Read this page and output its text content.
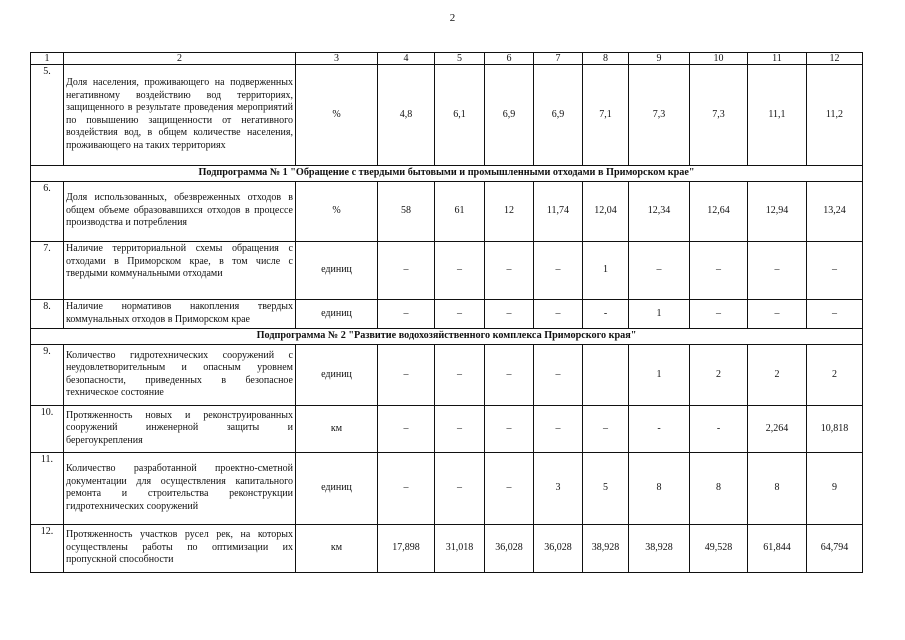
2
1	2	3	4	5	6	7	8	9	10	11	12
5.	Доля населения, проживающего на подверженных негативному воздействию вод территориях, защищенного в результате проведения мероприятий по повышению защищенности от негативного воздействия вод, в общем количестве населения, проживающего на таких территориях	%	4,8	6,1	6,9	6,9	7,1	7,3	7,3	11,1	11,2
Подпрограмма № 1 "Обращение с твердыми бытовыми и промышленными отходами в Приморском крае"											
6.	Доля использованных, обезвреженных отходов в общем объеме образовавшихся отходов в процессе производства и потребления	%	58	61	12	11,74	12,04	12,34	12,64	12,94	13,24
7.	Наличие территориальной схемы обращения с отходами в Приморском крае, в том числе с твердыми коммунальными отходами	единиц	–	–	–	–	1	–	–	–	–
8.	Наличие нормативов накопления твердых коммунальных отходов в Приморском крае	единиц	–	–	–	–	-	1	–	–	–
Подпрограмма № 2 "Развитие водохозяйственного комплекса Приморского края"											
9.	Количество гидротехнических сооружений с неудовлетворительным и опасным уровнем безопасности, приведенных в безопасное техническое состояние	единиц	–	–	–	–		1	2	2	2
10.	Протяженность новых и реконструированных сооружений инженерной защиты и берегоукрепления	км	–	–	–	–	–	-	-	2,264	10,818
11.	Количество разработанной проектно-сметной документации для осуществления капитального ремонта и строительства реконструкции гидротехнических сооружений	единиц	–	–	–	3	5	8	8	8	9
12.	Протяженность участков русел рек, на которых осуществлены работы по оптимизации их пропускной способности	км	17,898	31,018	36,028	36,028	38,928	38,928	49,528	61,844	64,794
